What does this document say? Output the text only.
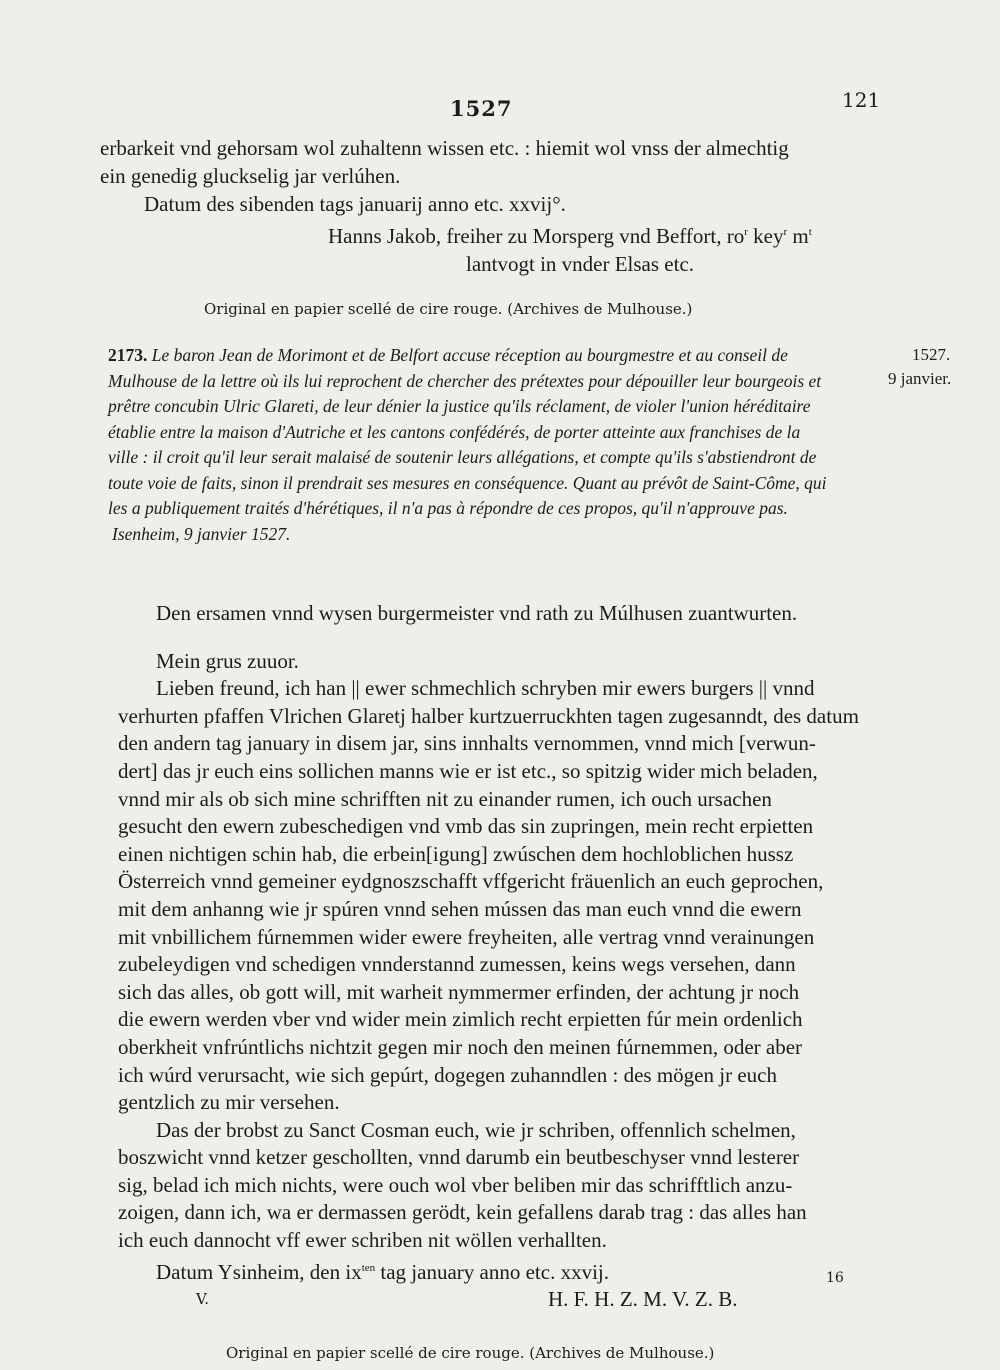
1527	121
erbarkeit vnd gehorsam wol zuhaltenn wissen etc. : hiemit wol vnss der almechtig
ein genedig gluckselig jar verlúhen.
Datum des sibenden tags januarij anno etc. xxvij°.
Hanns Jakob, freiher zu Morsperg vnd Beffort, $ro^r$ key$^r$ $m^t$
lantvogt in vnder Elsas etc.
Original en papier scellé de cire rouge. (Archives de Mulhouse.)
2173. Le baron Jean de Morimont et de Belfort accuse réception au bourgmestre et au conseil de
Mulhouse de la lettre où ils lui reprochent de chercher des prétextes pour dépouiller leur bourgeois et
prêtre concubin Ulric Glareti, de leur dénier la justice qu'ils réclament, de violer l'union héréditaire
établie entre la maison d'Autriche et les cantons confédérés, de porter atteinte aux franchises de la
ville : il croit qu'il leur serait malaisé de soutenir leurs allégations, et compte qu'ils s'abstiendront de
toute voie de faits, sinon il prendrait ses mesures en conséquence. Quant au prévôt de Saint-Côme, qui
les a publiquement traités d'hérétiques, il n'a pas à répondre de ces propos, qu'il n'approuve pas.
Isenheim, 9 janvier 1527.
1527.
9 janvier.
Den ersamen vnnd wysen burgermeister vnd rath zu Múlhusen zuantwurten.
Mein grus zuuor.
Lieben freund, ich han || ewer schmechlich schryben mir ewers burgers || vnnd
verhurten pfaffen Vlrichen Glaretj halber kurtzuerruckhten tagen zugesanndt, des datum
den andern tag january in disem jar, sins innhalts vernommen, vnnd mich [verwun-
dert] das jr euch eins sollichen manns wie er ist etc., so spitzig wider mich beladen,
vnnd mir als ob sich mine schrifften nit zu einander rumen, ich ouch ursachen
gesucht den ewern zubeschedigen vnd vmb das sin zupringen, mein recht erpietten
einen nichtigen schin hab, die erbein[igung] zwúschen dem hochloblichen hussz
Österreich vnnd gemeiner eydgnoszschafft vffgericht fräuenlich an euch geprochen,
mit dem anhanng wie jr spúren vnnd sehen mússen das man euch vnnd die ewern
mit vnbillichem fúrnemmen wider ewere freyheiten, alle vertrag vnnd verainungen
zubeleydigen vnd schedigen vnnderstannd zumessen, keins wegs versehen, dann
sich das alles, ob gott will, mit warheit nymmermer erfinden, der achtung jr noch
die ewern werden vber vnd wider mein zimlich recht erpietten fúr mein ordenlich
oberkheit vnfrúntlichs nichtzit gegen mir noch den meinen fúrnemmen, oder aber
ich wúrd verursacht, wie sich gepúrt, dogegen zuhanndlen : des mögen jr euch
gentzlich zu mir versehen.
Das der brobst zu Sanct Cosman euch, wie jr schriben, offennlich schelmen,
boszwicht vnnd ketzer geschollten, vnnd darumb ein beutbeschyser vnnd lesterer
sig, belad ich mich nichts, were ouch wol vber beliben mir das schrifftlich anzu-
zoigen, dann ich, wa er dermassen gerödt, kein gefallens darab trag : das alles han
ich euch dannocht vff ewer schriben nit wöllen verhallten.
Datum Ysinheim, den $ix^{ten}$ tag january anno etc. xxvij.
H. F. H. Z. M. V. Z. B.
Original en papier scellé de cire rouge. (Archives de Mulhouse.)
V.
16
